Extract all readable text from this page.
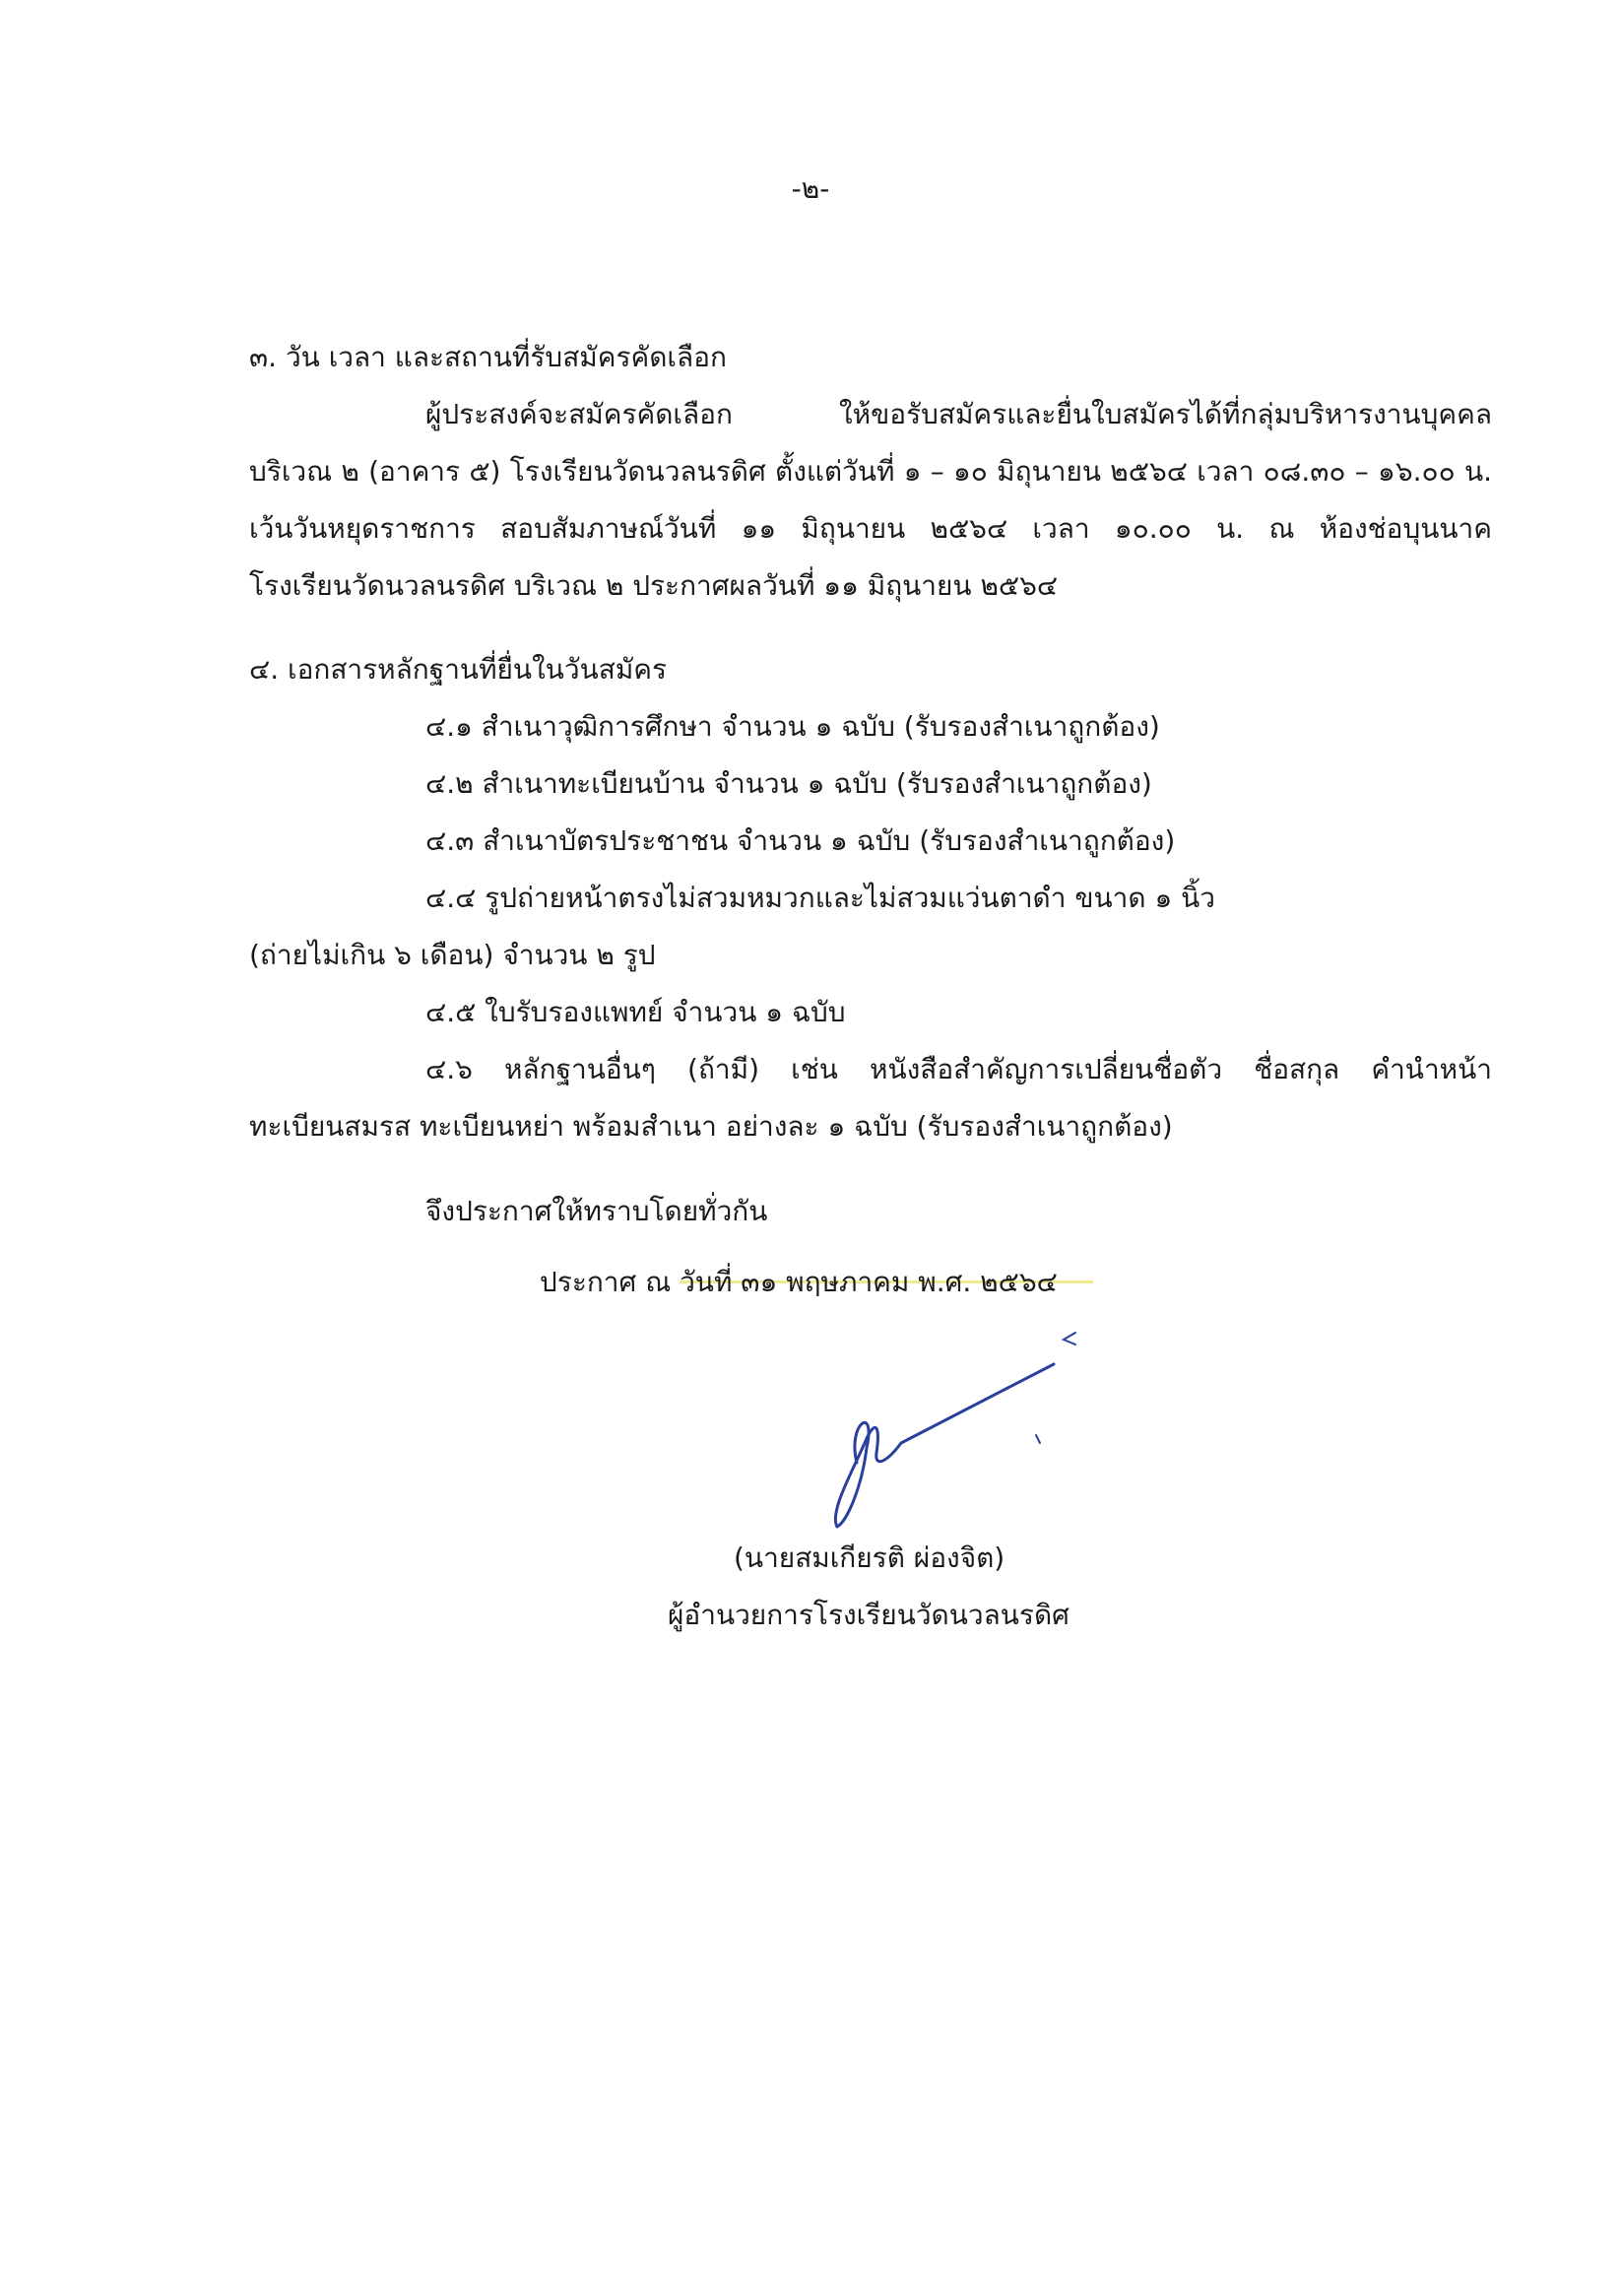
-๒-
๓. วัน เวลา และสถานที่รับสมัครคัดเลือก
ผู้ประสงค์จะสมัครคัดเลือก ให้ขอรับสมัครและยื่นใบสมัครได้ที่กลุ่มบริหารงานบุคคล
บริเวณ ๒ (อาคาร ๕) โรงเรียนวัดนวลนรดิศ ตั้งแต่วันที่ ๑ – ๑๐ มิถุนายน ๒๕๖๔ เวลา ๐๘.๓๐ – ๑๖.๐๐ น.
เว้นวันหยุดราชการ สอบสัมภาษณ์วันที่ ๑๑ มิถุนายน ๒๕๖๔ เวลา ๑๐.๐๐ น. ณ ห้องช่อบุนนาค
โรงเรียนวัดนวลนรดิศ บริเวณ ๒ ประกาศผลวันที่ ๑๑ มิถุนายน ๒๕๖๔
๔. เอกสารหลักฐานที่ยื่นในวันสมัคร
๔.๑ สำเนาวุฒิการศึกษา จำนวน ๑ ฉบับ (รับรองสำเนาถูกต้อง)
๔.๒ สำเนาทะเบียนบ้าน จำนวน ๑ ฉบับ (รับรองสำเนาถูกต้อง)
๔.๓ สำเนาบัตรประชาชน จำนวน ๑ ฉบับ (รับรองสำเนาถูกต้อง)
๔.๔ รูปถ่ายหน้าตรงไม่สวมหมวกและไม่สวมแว่นตาดำ ขนาด ๑ นิ้ว
(ถ่ายไม่เกิน ๖ เดือน) จำนวน ๒ รูป
๔.๕ ใบรับรองแพทย์ จำนวน ๑ ฉบับ
๔.๖ หลักฐานอื่นๆ (ถ้ามี) เช่น หนังสือสำคัญการเปลี่ยนชื่อตัว ชื่อสกุล คำนำหน้า
ทะเบียนสมรส ทะเบียนหย่า พร้อมสำเนา อย่างละ ๑ ฉบับ (รับรองสำเนาถูกต้อง)
จึงประกาศให้ทราบโดยทั่วกัน
ประกาศ ณ วันที่ ๓๑ พฤษภาคม พ.ศ. ๒๕๖๔
(นายสมเกียรติ ผ่องจิต)
ผู้อำนวยการโรงเรียนวัดนวลนรดิศ
